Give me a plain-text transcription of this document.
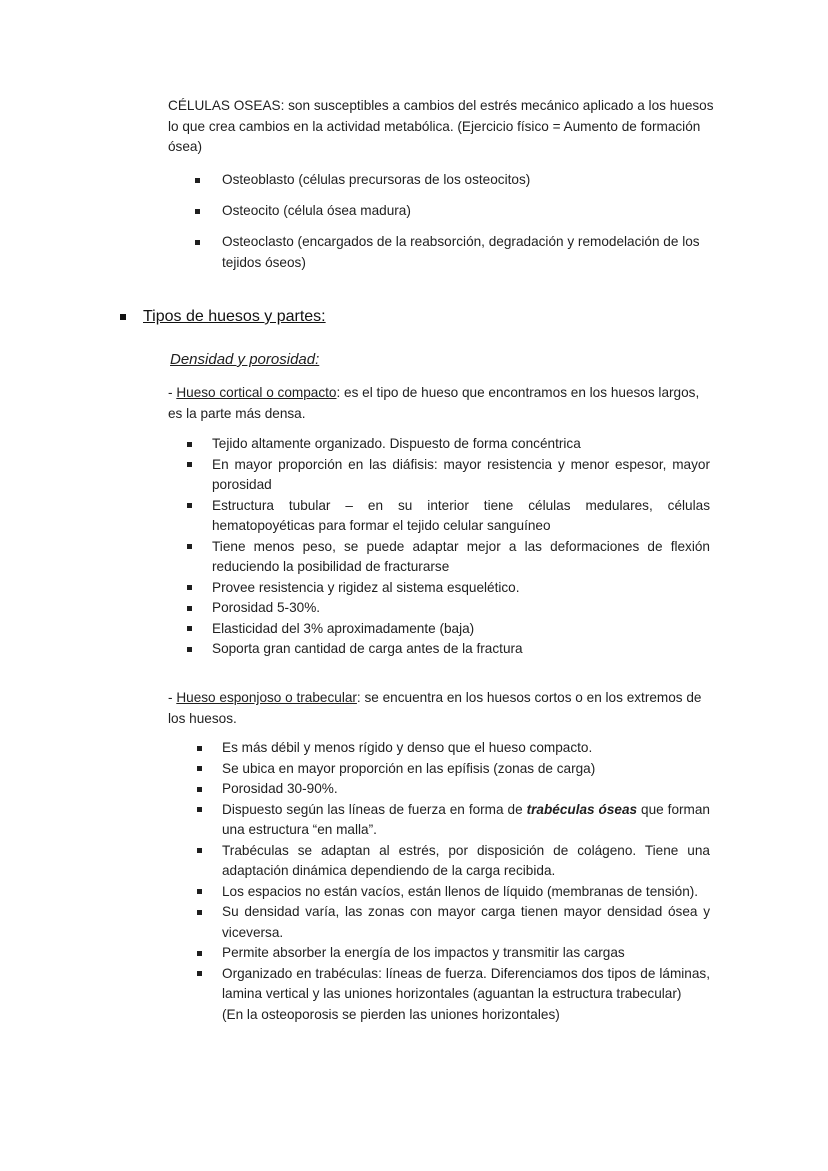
CÉLULAS OSEAS: son susceptibles a cambios del estrés mecánico aplicado a los huesos lo que crea cambios en la actividad metabólica. (Ejercicio físico = Aumento de formación ósea)

Osteoblasto (células precursoras de los osteocitos)
Osteocito (célula ósea madura)
Osteoclasto (encargados de la reabsorción, degradación y remodelación de los tejidos óseos)
Tipos de huesos y partes:
Densidad y porosidad:

- Hueso cortical o compacto: es el tipo de hueso que encontramos en los huesos largos, es la parte más densa.

Tejido altamente organizado. Dispuesto de forma concéntrica
En mayor proporción en las diáfisis: mayor resistencia y menor espesor, mayor porosidad
Estructura tubular – en su interior tiene células medulares, células hematopoyéticas para formar el tejido celular sanguíneo
Tiene menos peso, se puede adaptar mejor a las deformaciones de flexión reduciendo la posibilidad de fracturarse
Provee resistencia y rigidez al sistema esquelético.
Porosidad 5-30%.
Elasticidad del 3% aproximadamente (baja)
Soporta gran cantidad de carga antes de la fractura

- Hueso esponjoso o trabecular: se encuentra en los huesos cortos o en los extremos de los huesos.

Es más débil y menos rígido y denso que el hueso compacto.
Se ubica en mayor proporción en las epífisis (zonas de carga)
Porosidad 30-90%.
Dispuesto según las líneas de fuerza en forma de trabéculas óseas que forman una estructura “en malla”.
Trabéculas se adaptan al estrés, por disposición de colágeno. Tiene una adaptación dinámica dependiendo de la carga recibida.
Los espacios no están vacíos, están llenos de líquido (membranas de tensión).
Su densidad varía, las zonas con mayor carga tienen mayor densidad ósea y viceversa.
Permite absorber la energía de los impactos y transmitir las cargas
Organizado en trabéculas: líneas de fuerza. Diferenciamos dos tipos de láminas, lamina vertical y las uniones horizontales (aguantan la estructura trabecular)
(En la osteoporosis se pierden las uniones horizontales)
